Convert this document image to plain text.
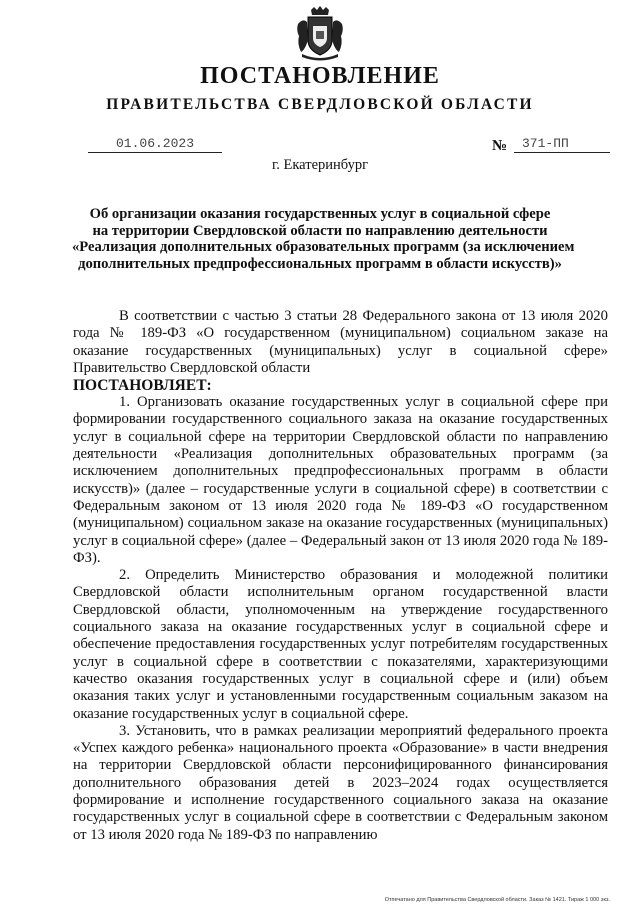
ПОСТАНОВЛЕНИЕ
ПРАВИТЕЛЬСТВА СВЕРДЛОВСКОЙ ОБЛАСТИ
01.06.2023	№	371-ПП
г. Екатеринбург
Об организации оказания государственных услуг в социальной сфере
на территории Свердловской области по направлению деятельности
«Реализация дополнительных образовательных программ (за исключением
дополнительных предпрофессиональных программ в области искусств)»

В соответствии с частью 3 статьи 28 Федерального закона от 13 июля 2020 года № 189-ФЗ «О государственном (муниципальном) социальном заказе на оказание государственных (муниципальных) услуг в социальной сфере» Правительство Свердловской области

ПОСТАНОВЛЯЕТ:

1. Организовать оказание государственных услуг в социальной сфере при формировании государственного социального заказа на оказание государственных услуг в социальной сфере на территории Свердловской области по направлению деятельности «Реализация дополнительных образовательных программ (за исключением дополнительных предпрофессиональных программ в области искусств)» (далее – государственные услуги в социальной сфере) в соответствии с Федеральным законом от 13 июля 2020 года № 189-ФЗ «О государственном (муниципальном) социальном заказе на оказание государственных (муниципальных) услуг в социальной сфере» (далее – Федеральный закон от 13 июля 2020 года № 189-ФЗ).

2. Определить Министерство образования и молодежной политики Свердловской области исполнительным органом государственной власти Свердловской области, уполномоченным на утверждение государственного социального заказа на оказание государственных услуг в социальной сфере и обеспечение предоставления государственных услуг потребителям государственных услуг в социальной сфере в соответствии с показателями, характеризующими качество оказания государственных услуг в социальной сфере и (или) объем оказания таких услуг и установленными государственным социальным заказом на оказание государственных услуг в социальной сфере.

3. Установить, что в рамках реализации мероприятий федерального проекта «Успех каждого ребенка» национального проекта «Образование» в части внедрения на территории Свердловской области персонифицированного финансирования дополнительного образования детей в 2023–2024 годах осуществляется формирование и исполнение государственного социального заказа на оказание государственных услуг в социальной сфере в соответствии с Федеральным законом от 13 июля 2020 года № 189-ФЗ по направлению

Отпечатано для Правительства Свердловской области. Заказ № 1421. Тираж 1 000 экз.
